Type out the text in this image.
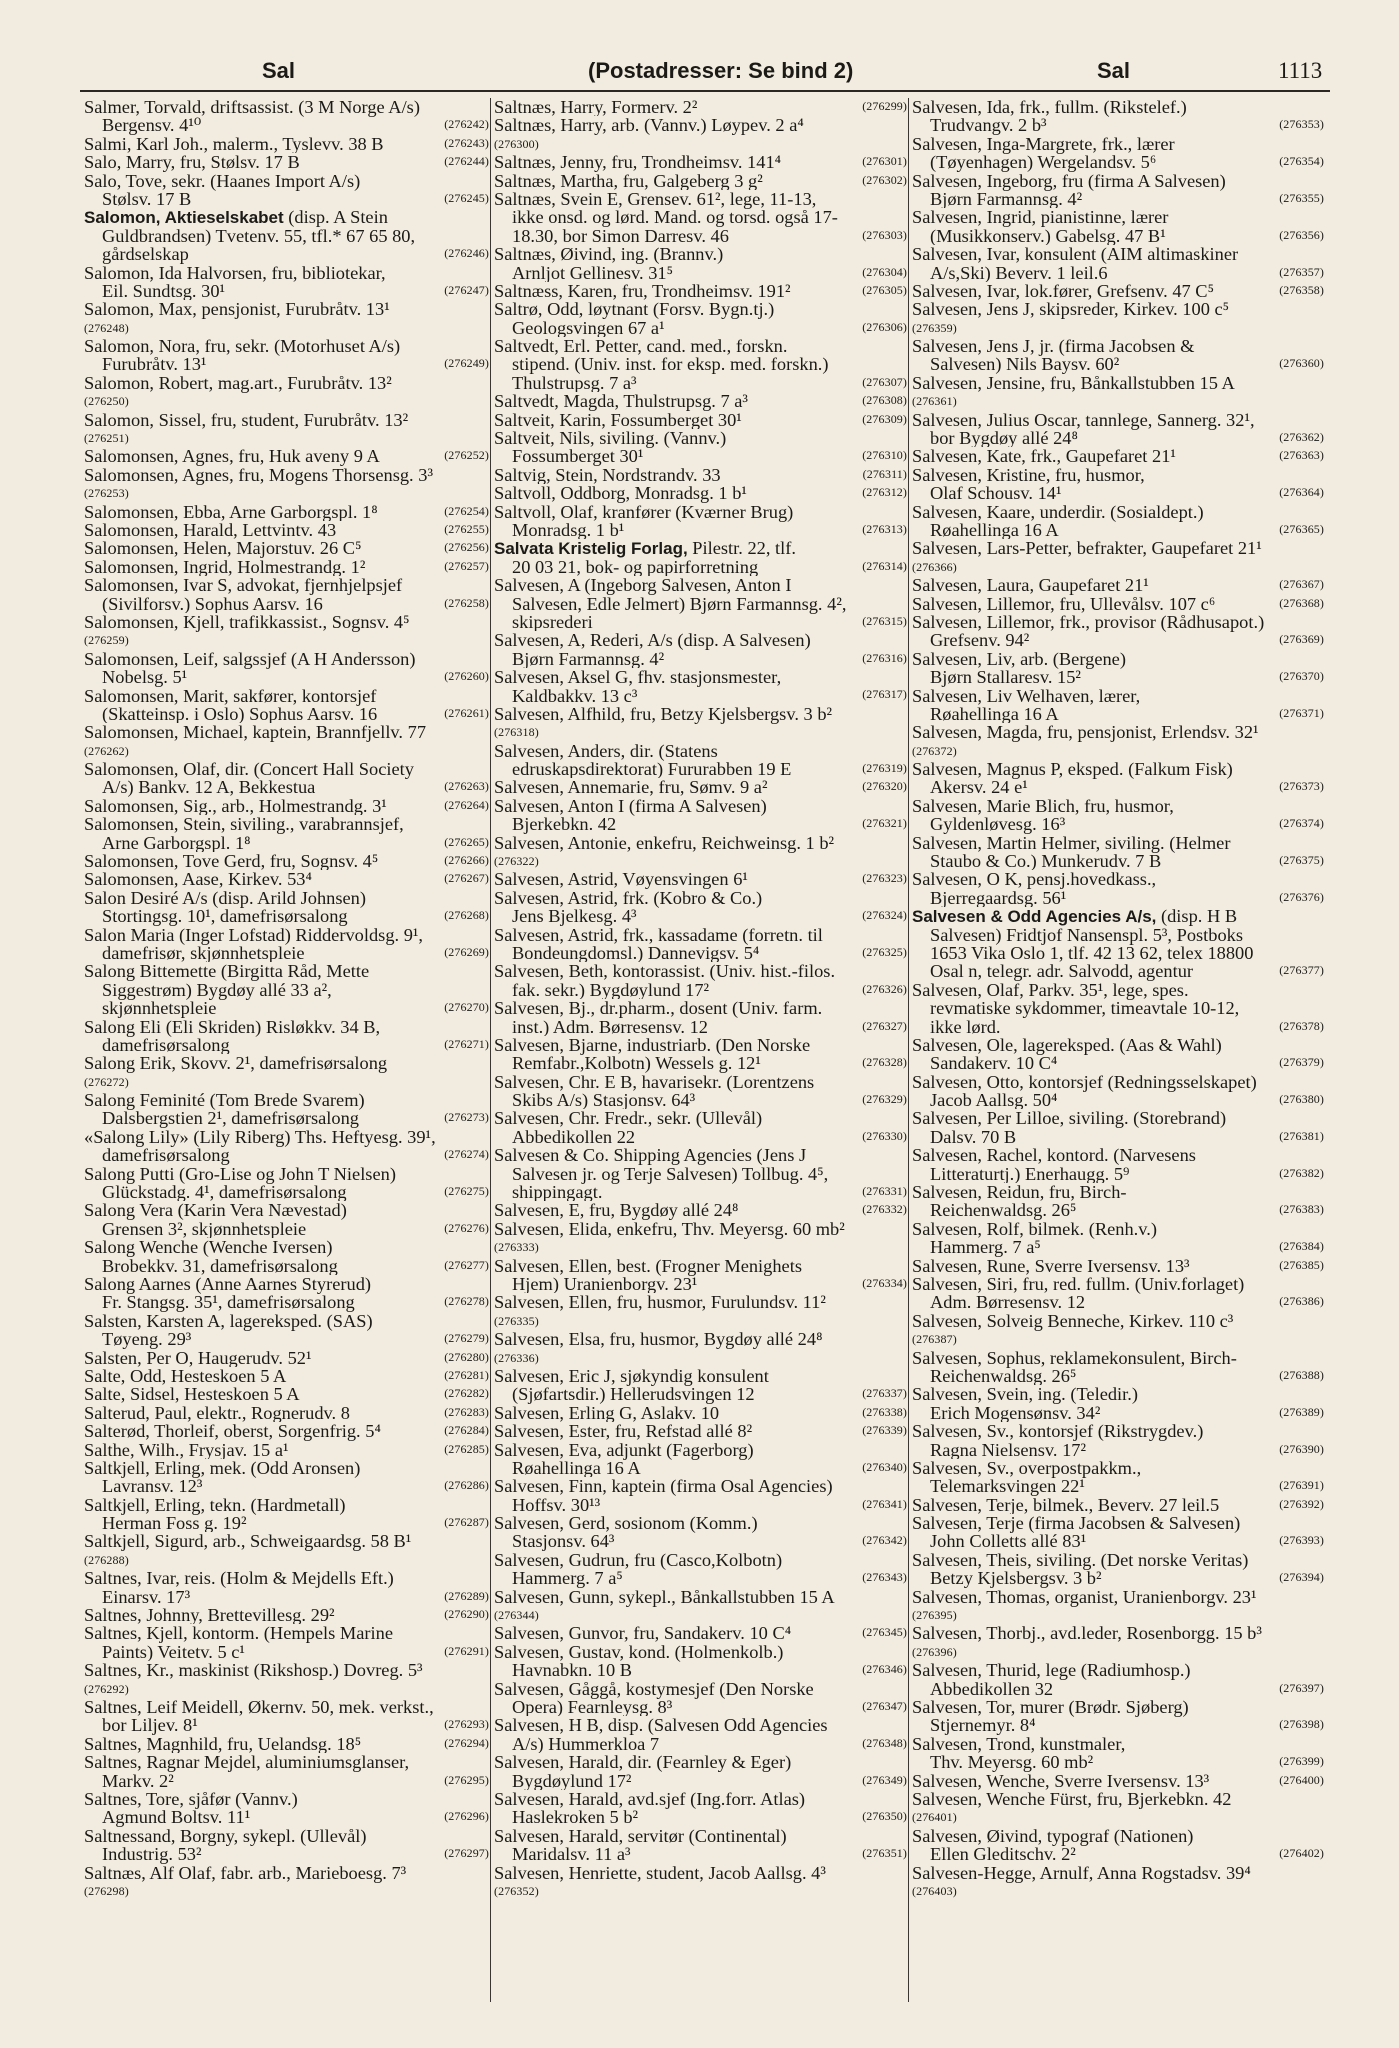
Sal	(Postadresser: Se bind 2)	Sal	1113
Salmer, Torvald, driftsassist. (3 M Norge A/s)
Bergensv. 4¹⁰	(276242)
Salmi, Karl Joh., malerm., Tyslevv. 38 B	(276243)
Salo, Marry, fru, Stølsv. 17 B	(276244)
Salo, Tove, sekr. (Haanes Import A/s)
Stølsv. 17 B	(276245)
Salomon, Aktieselskabet (disp. A Stein
Guldbrandsen) Tvetenv. 55, tfl.* 67 65 80,
gårdselskap	(276246)
Salomon, Ida Halvorsen, fru, bibliotekar,
Eil. Sundtsg. 30¹	(276247)
Salomon, Max, pensjonist, Furubråtv. 13¹
(276248)
Salomon, Nora, fru, sekr. (Motorhuset A/s)
Furubråtv. 13¹	(276249)
Salomon, Robert, mag.art., Furubråtv. 13²
(276250)
Salomon, Sissel, fru, student, Furubråtv. 13²
(276251)
Salomonsen, Agnes, fru, Huk aveny 9 A	(276252)
Salomonsen, Agnes, fru, Mogens Thorsensg. 3³
(276253)
Salomonsen, Ebba, Arne Garborgspl. 1⁸	(276254)
Salomonsen, Harald, Lettvintv. 43	(276255)
Salomonsen, Helen, Majorstuv. 26 C⁵	(276256)
Salomonsen, Ingrid, Holmestrandg. 1²	(276257)
Salomonsen, Ivar S, advokat, fjernhjelpsjef
(Sivilforsv.) Sophus Aarsv. 16	(276258)
Salomonsen, Kjell, trafikkassist., Sognsv. 4⁵
(276259)
Salomonsen, Leif, salgssjef (A H Andersson)
Nobelsg. 5¹	(276260)
Salomonsen, Marit, sakfører, kontorsjef
(Skatteinsp. i Oslo) Sophus Aarsv. 16	(276261)
Salomonsen, Michael, kaptein, Brannfjellv. 77
(276262)
Salomonsen, Olaf, dir. (Concert Hall Society
A/s) Bankv. 12 A, Bekkestua	(276263)
Salomonsen, Sig., arb., Holmestrandg. 3¹	(276264)
Salomonsen, Stein, siviling., varabrannsjef,
Arne Garborgspl. 1⁸	(276265)
Salomonsen, Tove Gerd, fru, Sognsv. 4⁵	(276266)
Salomonsen, Aase, Kirkev. 53⁴	(276267)
Salon Desiré A/s (disp. Arild Johnsen)
Stortingsg. 10¹, damefrisørsalong	(276268)
Salon Maria (Inger Lofstad) Riddervoldsg. 9¹,
damefrisør, skjønnhetspleie	(276269)
Salong Bittemette (Birgitta Råd, Mette
Siggestrøm) Bygdøy allé 33 a²,
skjønnhetspleie	(276270)
Salong Eli (Eli Skriden) Risløkkv. 34 B,
damefrisørsalong	(276271)
Salong Erik, Skovv. 2¹, damefrisørsalong
(276272)
Salong Feminité (Tom Brede Svarem)
Dalsbergstien 2¹, damefrisørsalong	(276273)
«Salong Lily» (Lily Riberg) Ths. Heftyesg. 39¹,
damefrisørsalong	(276274)
Salong Putti (Gro-Lise og John T Nielsen)
Glückstadg. 4¹, damefrisørsalong	(276275)
Salong Vera (Karin Vera Nævestad)
Grensen 3², skjønnhetspleie	(276276)
Salong Wenche (Wenche Iversen)
Brobekkv. 31, damefrisørsalong	(276277)
Salong Aarnes (Anne Aarnes Styrerud)
Fr. Stangsg. 35¹, damefrisørsalong	(276278)
Salsten, Karsten A, lagereksped. (SAS)
Tøyeng. 29³	(276279)
Salsten, Per O, Haugerudv. 52¹	(276280)
Salte, Odd, Hesteskoen 5 A	(276281)
Salte, Sidsel, Hesteskoen 5 A	(276282)
Salterud, Paul, elektr., Rognerudv. 8	(276283)
Salterød, Thorleif, oberst, Sorgenfrig. 5⁴	(276284)
Salthe, Wilh., Frysjav. 15 a¹	(276285)
Saltkjell, Erling, mek. (Odd Aronsen)
Lavransv. 12³	(276286)
Saltkjell, Erling, tekn. (Hardmetall)
Herman Foss g. 19²	(276287)
Saltkjell, Sigurd, arb., Schweigaardsg. 58 B¹
(276288)
Saltnes, Ivar, reis. (Holm & Mejdells Eft.)
Einarsv. 17³	(276289)
Saltnes, Johnny, Brettevillesg. 29²	(276290)
Saltnes, Kjell, kontorm. (Hempels Marine
Paints) Veitetv. 5 c¹	(276291)
Saltnes, Kr., maskinist (Rikshosp.) Dovreg. 5³
(276292)
Saltnes, Leif Meidell, Økernv. 50, mek. verkst.,
bor Liljev. 8¹	(276293)
Saltnes, Magnhild, fru, Uelandsg. 18⁵	(276294)
Saltnes, Ragnar Mejdel, aluminiumsglanser,
Markv. 2²	(276295)
Saltnes, Tore, sjåfør (Vannv.)
Agmund Boltsv. 11¹	(276296)
Saltnessand, Borgny, sykepl. (Ullevål)
Industrig. 53²	(276297)
Saltnæs, Alf Olaf, fabr. arb., Marieboesg. 7³
(276298)
Saltnæs, Harry, Formerv. 2²	(276299)
Saltnæs, Harry, arb. (Vannv.) Løypev. 2 a⁴
(276300)
Saltnæs, Jenny, fru, Trondheimsv. 141⁴	(276301)
Saltnæs, Martha, fru, Galgeberg 3 g²	(276302)
Saltnæs, Svein E, Grensev. 61², lege, 11-13,
ikke onsd. og lørd. Mand. og torsd. også 17-
18.30, bor Simon Darresv. 46	(276303)
Saltnæs, Øivind, ing. (Brannv.)
Arnljot Gellinesv. 31⁵	(276304)
Saltnæss, Karen, fru, Trondheimsv. 191²	(276305)
Saltrø, Odd, løytnant (Forsv. Bygn.tj.)
Geologsvingen 67 a¹	(276306)
Saltvedt, Erl. Petter, cand. med., forskn.
stipend. (Univ. inst. for eksp. med. forskn.)
Thulstrupsg. 7 a³	(276307)
Saltvedt, Magda, Thulstrupsg. 7 a³	(276308)
Saltveit, Karin, Fossumberget 30¹	(276309)
Saltveit, Nils, siviling. (Vannv.)
Fossumberget 30¹	(276310)
Saltvig, Stein, Nordstrandv. 33	(276311)
Saltvoll, Oddborg, Monradsg. 1 b¹	(276312)
Saltvoll, Olaf, kranfører (Kværner Brug)
Monradsg. 1 b¹	(276313)
Salvata Kristelig Forlag, Pilestr. 22, tlf.
20 03 21, bok- og papirforretning	(276314)
Salvesen, A (Ingeborg Salvesen, Anton I
Salvesen, Edle Jelmert) Bjørn Farmannsg. 4²,
skipsrederi	(276315)
Salvesen, A, Rederi, A/s (disp. A Salvesen)
Bjørn Farmannsg. 4²	(276316)
Salvesen, Aksel G, fhv. stasjonsmester,
Kaldbakkv. 13 c³	(276317)
Salvesen, Alfhild, fru, Betzy Kjelsbergsv. 3 b²
(276318)
Salvesen, Anders, dir. (Statens
edruskapsdirektorat) Fururabben 19 E	(276319)
Salvesen, Annemarie, fru, Sømv. 9 a²	(276320)
Salvesen, Anton I (firma A Salvesen)
Bjerkebkn. 42	(276321)
Salvesen, Antonie, enkefru, Reichweinsg. 1 b²
(276322)
Salvesen, Astrid, Vøyensvingen 6¹	(276323)
Salvesen, Astrid, frk. (Kobro & Co.)
Jens Bjelkesg. 4³	(276324)
Salvesen, Astrid, frk., kassadame (forretn. til
Bondeungdomsl.) Dannevigsv. 5⁴	(276325)
Salvesen, Beth, kontorassist. (Univ. hist.-filos.
fak. sekr.) Bygdøylund 17²	(276326)
Salvesen, Bj., dr.pharm., dosent (Univ. farm.
inst.) Adm. Børresensv. 12	(276327)
Salvesen, Bjarne, industriarb. (Den Norske
Remfabr.,Kolbotn) Wessels g. 12¹	(276328)
Salvesen, Chr. E B, havarisekr. (Lorentzens
Skibs A/s) Stasjonsv. 64³	(276329)
Salvesen, Chr. Fredr., sekr. (Ullevål)
Abbedikollen 22	(276330)
Salvesen & Co. Shipping Agencies (Jens J
Salvesen jr. og Terje Salvesen) Tollbug. 4⁵,
shippingagt.	(276331)
Salvesen, E, fru, Bygdøy allé 24⁸	(276332)
Salvesen, Elida, enkefru, Thv. Meyersg. 60 mb²
(276333)
Salvesen, Ellen, best. (Frogner Menighets
Hjem) Uranienborgv. 23¹	(276334)
Salvesen, Ellen, fru, husmor, Furulundsv. 11²
(276335)
Salvesen, Elsa, fru, husmor, Bygdøy allé 24⁸
(276336)
Salvesen, Eric J, sjøkyndig konsulent
(Sjøfartsdir.) Hellerudsvingen 12	(276337)
Salvesen, Erling G, Aslakv. 10	(276338)
Salvesen, Ester, fru, Refstad allé 8²	(276339)
Salvesen, Eva, adjunkt (Fagerborg)
Røahellinga 16 A	(276340)
Salvesen, Finn, kaptein (firma Osal Agencies)
Hoffsv. 30¹³	(276341)
Salvesen, Gerd, sosionom (Komm.)
Stasjonsv. 64³	(276342)
Salvesen, Gudrun, fru (Casco,Kolbotn)
Hammerg. 7 a⁵	(276343)
Salvesen, Gunn, sykepl., Bånkallstubben 15 A
(276344)
Salvesen, Gunvor, fru, Sandakerv. 10 C⁴	(276345)
Salvesen, Gustav, kond. (Holmenkolb.)
Havnabkn. 10 B	(276346)
Salvesen, Gåggå, kostymesjef (Den Norske
Opera) Fearnleysg. 8³	(276347)
Salvesen, H B, disp. (Salvesen Odd Agencies
A/s) Hummerkloa 7	(276348)
Salvesen, Harald, dir. (Fearnley & Eger)
Bygdøylund 17²	(276349)
Salvesen, Harald, avd.sjef (Ing.forr. Atlas)
Haslekroken 5 b²	(276350)
Salvesen, Harald, servitør (Continental)
Maridalsv. 11 a³	(276351)
Salvesen, Henriette, student, Jacob Aallsg. 4³
(276352)
Salvesen, Ida, frk., fullm. (Rikstelef.)
Trudvangv. 2 b³	(276353)
Salvesen, Inga-Margrete, frk., lærer
(Tøyenhagen) Wergelandsv. 5⁶	(276354)
Salvesen, Ingeborg, fru (firma A Salvesen)
Bjørn Farmannsg. 4²	(276355)
Salvesen, Ingrid, pianistinne, lærer
(Musikkonserv.) Gabelsg. 47 B¹	(276356)
Salvesen, Ivar, konsulent (AIM altimaskiner
A/s,Ski) Beverv. 1 leil.6	(276357)
Salvesen, Ivar, lok.fører, Grefsenv. 47 C⁵	(276358)
Salvesen, Jens J, skipsreder, Kirkev. 100 c⁵
(276359)
Salvesen, Jens J, jr. (firma Jacobsen &
Salvesen) Nils Baysv. 60²	(276360)
Salvesen, Jensine, fru, Bånkallstubben 15 A
(276361)
Salvesen, Julius Oscar, tannlege, Sannerg. 32¹,
bor Bygdøy allé 24⁸	(276362)
Salvesen, Kate, frk., Gaupefaret 21¹	(276363)
Salvesen, Kristine, fru, husmor,
Olaf Schousv. 14¹	(276364)
Salvesen, Kaare, underdir. (Sosialdept.)
Røahellinga 16 A	(276365)
Salvesen, Lars-Petter, befrakter, Gaupefaret 21¹
(276366)
Salvesen, Laura, Gaupefaret 21¹	(276367)
Salvesen, Lillemor, fru, Ullevålsv. 107 c⁶	(276368)
Salvesen, Lillemor, frk., provisor (Rådhusapot.)
Grefsenv. 94²	(276369)
Salvesen, Liv, arb. (Bergene)
Bjørn Stallaresv. 15²	(276370)
Salvesen, Liv Welhaven, lærer,
Røahellinga 16 A	(276371)
Salvesen, Magda, fru, pensjonist, Erlendsv. 32¹
(276372)
Salvesen, Magnus P, eksped. (Falkum Fisk)
Akersv. 24 e¹	(276373)
Salvesen, Marie Blich, fru, husmor,
Gyldenløvesg. 16³	(276374)
Salvesen, Martin Helmer, siviling. (Helmer
Staubo & Co.) Munkerudv. 7 B	(276375)
Salvesen, O K, pensj.hovedkass.,
Bjerregaardsg. 56¹	(276376)
Salvesen & Odd Agencies A/s, (disp. H B
Salvesen) Fridtjof Nansenspl. 5³, Postboks
1653 Vika Oslo 1, tlf. 42 13 62, telex 18800
Osal n, telegr. adr. Salvodd, agentur	(276377)
Salvesen, Olaf, Parkv. 35¹, lege, spes.
revmatiske sykdommer, timeavtale 10-12,
ikke lørd.	(276378)
Salvesen, Ole, lagereksped. (Aas & Wahl)
Sandakerv. 10 C⁴	(276379)
Salvesen, Otto, kontorsjef (Redningsselskapet)
Jacob Aallsg. 50⁴	(276380)
Salvesen, Per Lilloe, siviling. (Storebrand)
Dalsv. 70 B	(276381)
Salvesen, Rachel, kontord. (Narvesens
Litteraturtj.) Enerhaugg. 5⁹	(276382)
Salvesen, Reidun, fru, Birch-
Reichenwaldsg. 26⁵	(276383)
Salvesen, Rolf, bilmek. (Renh.v.)
Hammerg. 7 a⁵	(276384)
Salvesen, Rune, Sverre Iversensv. 13³	(276385)
Salvesen, Siri, fru, red. fullm. (Univ.forlaget)
Adm. Børresensv. 12	(276386)
Salvesen, Solveig Benneche, Kirkev. 110 c³
(276387)
Salvesen, Sophus, reklamekonsulent, Birch-
Reichenwaldsg. 26⁵	(276388)
Salvesen, Svein, ing. (Teledir.)
Erich Mogensønsv. 34²	(276389)
Salvesen, Sv., kontorsjef (Rikstrygdev.)
Ragna Nielsensv. 17²	(276390)
Salvesen, Sv., overpostpakkm.,
Telemarksvingen 22¹	(276391)
Salvesen, Terje, bilmek., Beverv. 27 leil.5	(276392)
Salvesen, Terje (firma Jacobsen & Salvesen)
John Colletts allé 83¹	(276393)
Salvesen, Theis, siviling. (Det norske Veritas)
Betzy Kjelsbergsv. 3 b²	(276394)
Salvesen, Thomas, organist, Uranienborgv. 23¹
(276395)
Salvesen, Thorbj., avd.leder, Rosenborgg. 15 b³
(276396)
Salvesen, Thurid, lege (Radiumhosp.)
Abbedikollen 32	(276397)
Salvesen, Tor, murer (Brødr. Sjøberg)
Stjernemyr. 8⁴	(276398)
Salvesen, Trond, kunstmaler,
Thv. Meyersg. 60 mb²	(276399)
Salvesen, Wenche, Sverre Iversensv. 13³	(276400)
Salvesen, Wenche Fürst, fru, Bjerkebkn. 42
(276401)
Salvesen, Øivind, typograf (Nationen)
Ellen Gleditschv. 2²	(276402)
Salvesen-Hegge, Arnulf, Anna Rogstadsv. 39⁴
(276403)
